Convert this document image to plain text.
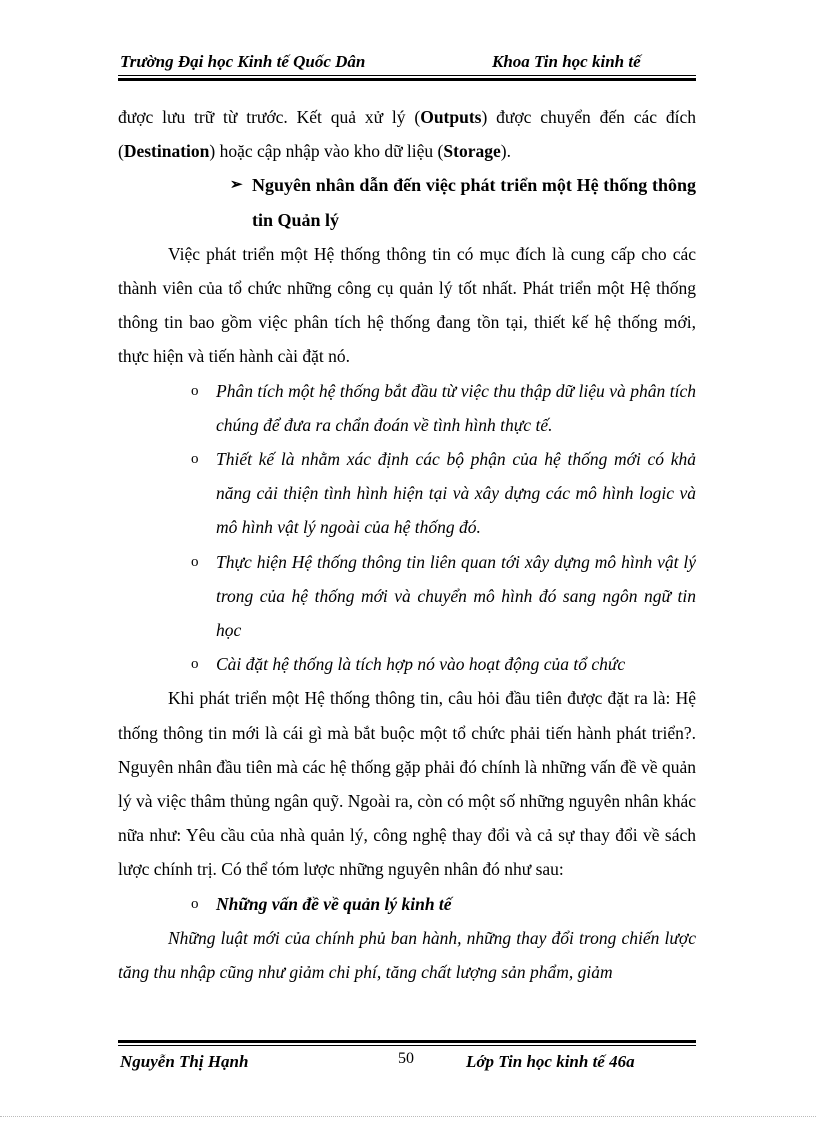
Trường Đại học Kinh tế Quốc Dân	Khoa Tin học kinh tế

được lưu trữ từ trước. Kết quả xử lý (Outputs) được chuyển đến các đích (Destination) hoặc cập nhập vào kho dữ liệu (Storage).

➢ Nguyên nhân dẫn đến việc phát triển một Hệ thống thông tin Quản lý

Việc phát triển một Hệ thống thông tin có mục đích là cung cấp cho các thành viên của tổ chức những công cụ quản lý tốt nhất. Phát triển một Hệ thống thông tin bao gồm việc phân tích hệ thống đang tồn tại, thiết kế hệ thống mới, thực hiện và tiến hành cài đặt nó.

o Phân tích một hệ thống bắt đầu từ việc thu thập dữ liệu và phân tích chúng để đưa ra chẩn đoán về tình hình thực tế.
o Thiết kế là nhằm xác định các bộ phận của hệ thống mới có khả năng cải thiện tình hình hiện tại và xây dựng các mô hình logic và mô hình vật lý ngoài của hệ thống đó.
o Thực hiện Hệ thống thông tin liên quan tới xây dựng mô hình vật lý trong của hệ thống mới và chuyển mô hình đó sang ngôn ngữ tin học
o Cài đặt hệ thống là tích hợp nó vào hoạt động của tổ chức

Khi phát triển một Hệ thống thông tin, câu hỏi đầu tiên được đặt ra là: Hệ thống thông tin mới là cái gì mà bắt buộc một tổ chức phải tiến hành phát triển?. Nguyên nhân đầu tiên mà các hệ thống gặp phải đó chính là những vấn đề về quản lý và việc thâm thủng ngân quỹ. Ngoài ra, còn có một số những nguyên nhân khác nữa như: Yêu cầu của nhà quản lý, công nghệ thay đổi và cả sự thay đổi về sách lược chính trị. Có thể tóm lược những nguyên nhân đó như sau:

o Những vấn đề về quản lý kinh tế

Những luật mới của chính phủ ban hành, những thay đổi trong chiến lược tăng thu nhập cũng như giảm chi phí, tăng chất lượng sản phẩm, giảm

Nguyễn Thị Hạnh	50	Lớp Tin học kinh tế 46a
